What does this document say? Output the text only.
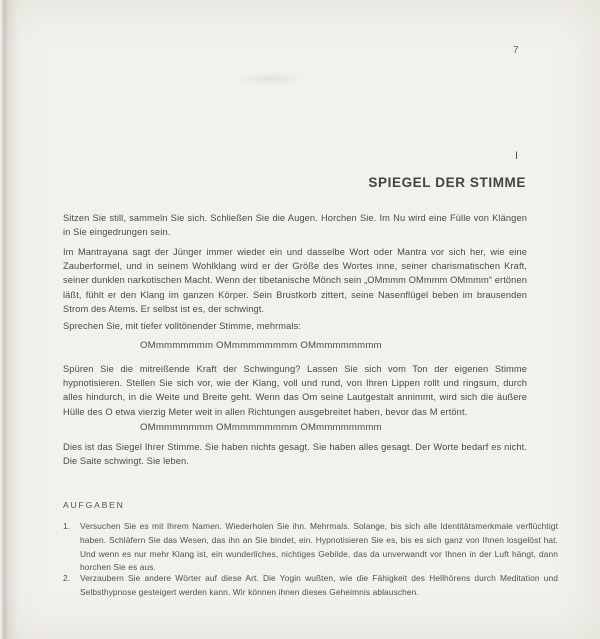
7
I
SPIEGEL DER STIMME

Sitzen Sie still, sammeln Sie sich. Schließen Sie die Augen. Horchen Sie. Im Nu wird eine Fülle von Klängen in Sie eingedrungen sein.

Im Mantrayana sagt der Jünger immer wieder ein und dasselbe Wort oder Mantra vor sich her, wie eine Zauberformel, und in seinem Wohlklang wird er der Größe des Wortes inne, seiner charismatischen Kraft, seiner dunklen narkotischen Macht. Wenn der tibetanische Mönch sein „OMmmm OMmmm OMmmm“ ertönen läßt, fühlt er den Klang im ganzen Körper. Sein Brustkorb zittert, seine Nasenflügel beben im brausenden Strom des Atems. Er selbst ist es, der schwingt.

Sprechen Sie, mit tiefer volltönender Stimme, mehrmals:

OMmmmmmmm OMmmmmmmmm OMmmmmmmmm

Spüren Sie die mitreißende Kraft der Schwingung? Lassen Sie sich vom Ton der eigenen Stimme hypnotisieren. Stellen Sie sich vor, wie der Klang, voll und rund, von Ihren Lippen rollt und ringsum, durch alles hindurch, in die Weite und Breite geht. Wenn das Om seine Lautgestalt annimmt, wird sich die äußere Hülle des O etwa vierzig Meter weit in allen Richtungen ausgebreitet haben, bevor das M ertönt.

OMmmmmmmm OMmmmmmmmm OMmmmmmmmm

Dies ist das Siegel Ihrer Stimme. Sie haben nichts gesagt. Sie haben alles gesagt. Der Worte bedarf es nicht. Die Saite schwingt. Sie leben.

AUFGABEN
1.	Versuchen Sie es mit Ihrem Namen. Wiederholen Sie ihn. Mehrmals. Solange, bis sich alle Identitätsmerkmale verflüchtigt haben. Schläfern Sie das Wesen, das ihn an Sie bindet, ein. Hypnotisieren Sie es, bis es sich ganz von Ihnen losgelöst hat. Und wenn es nur mehr Klang ist, ein wunderliches, nichtiges Gebilde, das da unverwandt vor Ihnen in der Luft hängt, dann horchen Sie es aus.
2.	Verzaubern Sie andere Wörter auf diese Art. Die Yogin wußten, wie die Fähigkeit des Hellhörens durch Meditation und Selbsthypnose gesteigert werden kann. Wir können ihnen dieses Geheimnis ablauschen.
